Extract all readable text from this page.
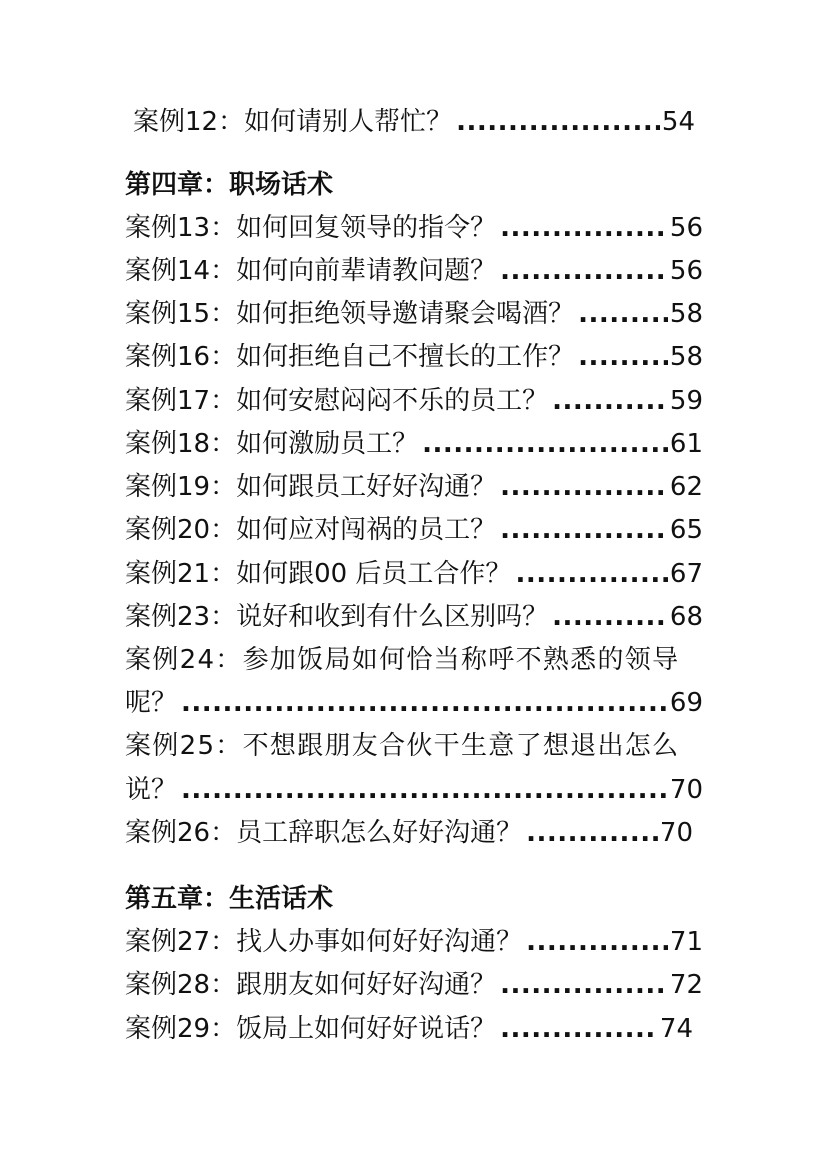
案例12：如何请别人帮忙？ .....	54
第四章：职场话术
案例13：如何回复领导的指令？ .....	56
案例14：如何向前辈请教问题？ .....	56
案例15：如何拒绝领导邀请聚会喝酒？ .....	58
案例16：如何拒绝自己不擅长的工作？ .....	58
案例17：如何安慰闷闷不乐的员工？ .....	59
案例18：如何激励员工？ .....	61
案例19：如何跟员工好好沟通？ .....	62
案例20：如何应对闯祸的员工？ .....	65
案例21：如何跟00 后员工合作？ .....	67
案例23：说好和收到有什么区别吗？ .....	68
案例24：参加饭局如何恰当称呼不熟悉的领导
呢？ .....	69
案例25：不想跟朋友合伙干生意了想退出怎么
说？ .....	70
案例26：员工辞职怎么好好沟通？ .....	70
第五章：生活话术
案例27：找人办事如何好好沟通？ .....	71
案例28：跟朋友如何好好沟通？ .....	72
案例29：饭局上如何好好说话？ .....	74
